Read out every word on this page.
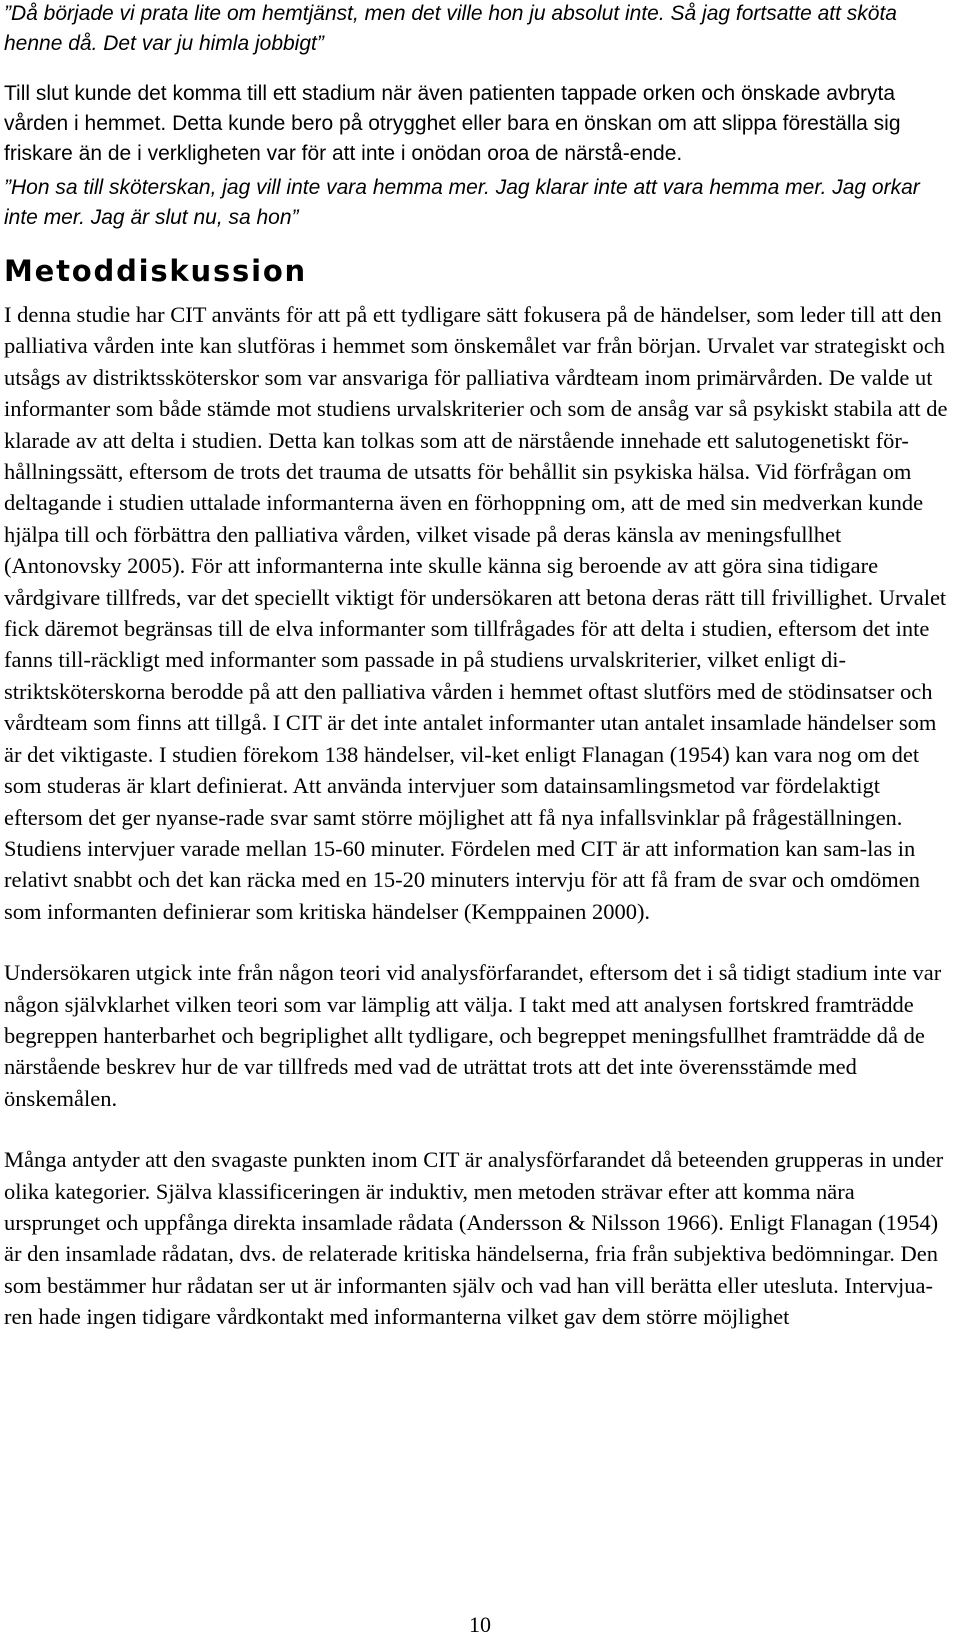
”Då började vi prata lite om hemtjänst, men det ville hon ju absolut inte. Så jag fortsatte att sköta henne då. Det var ju himla jobbigt”

Till slut kunde det komma till ett stadium när även patienten tappade orken och önskade avbryta vården i hemmet. Detta kunde bero på otrygghet eller bara en önskan om att slippa föreställa sig friskare än de i verkligheten var för att inte i onödan oroa de närstå-ende.

”Hon sa till sköterskan, jag vill inte vara hemma mer. Jag klarar inte att vara hemma mer. Jag orkar inte mer. Jag är slut nu, sa hon”

Metoddiskussion

I denna studie har CIT använts för att på ett tydligare sätt fokusera på de händelser, som leder till att den palliativa vården inte kan slutföras i hemmet som önskemålet var från början. Urvalet var strategiskt och utsågs av distriktssköterskor som var ansvariga för palliativa vårdteam inom primärvården. De valde ut informanter som både stämde mot studiens urvalskriterier och som de ansåg var så psykiskt stabila att de klarade av att delta i studien. Detta kan tolkas som att de närstående innehade ett salutogenetiskt för-hållningssätt, eftersom de trots det trauma de utsatts för behållit sin psykiska hälsa. Vid förfrågan om deltagande i studien uttalade informanterna även en förhoppning om, att de med sin medverkan kunde hjälpa till och förbättra den palliativa vården, vilket visade på deras känsla av meningsfullhet (Antonovsky 2005). För att informanterna inte skulle känna sig beroende av att göra sina tidigare vårdgivare tillfreds, var det speciellt viktigt för undersökaren att betona deras rätt till frivillighet. Urvalet fick däremot begränsas till de elva informanter som tillfrågades för att delta i studien, eftersom det inte fanns till-räckligt med informanter som passade in på studiens urvalskriterier, vilket enligt di-striktsköterskorna berodde på att den palliativa vården i hemmet oftast slutförs med de stödinsatser och vårdteam som finns att tillgå. I CIT är det inte antalet informanter utan antalet insamlade händelser som är det viktigaste. I studien förekom 138 händelser, vil-ket enligt Flanagan (1954) kan vara nog om det som studeras är klart definierat. Att använda intervjuer som datainsamlingsmetod var fördelaktigt eftersom det ger nyanse-rade svar samt större möjlighet att få nya infallsvinklar på frågeställningen. Studiens intervjuer varade mellan 15-60 minuter. Fördelen med CIT är att information kan sam-las in relativt snabbt och det kan räcka med en 15-20 minuters intervju för att få fram de svar och omdömen som informanten definierar som kritiska händelser (Kemppainen 2000).

Undersökaren utgick inte från någon teori vid analysförfarandet, eftersom det i så tidigt stadium inte var någon självklarhet vilken teori som var lämplig att välja. I takt med att analysen fortskred framträdde begreppen hanterbarhet och begriplighet allt tydligare, och begreppet meningsfullhet framträdde då de närstående beskrev hur de var tillfreds med vad de uträttat trots att det inte överensstämde med önskemålen.

Många antyder att den svagaste punkten inom CIT är analysförfarandet då beteenden grupperas in under olika kategorier. Själva klassificeringen är induktiv, men metoden strävar efter att komma nära ursprunget och uppfånga direkta insamlade rådata (Andersson & Nilsson 1966). Enligt Flanagan (1954) är den insamlade rådatan, dvs. de relaterade kritiska händelserna, fria från subjektiva bedömningar. Den som bestämmer hur rådatan ser ut är informanten själv och vad han vill berätta eller utesluta. Intervjua-ren hade ingen tidigare vårdkontakt med informanterna vilket gav dem större möjlighet

10
